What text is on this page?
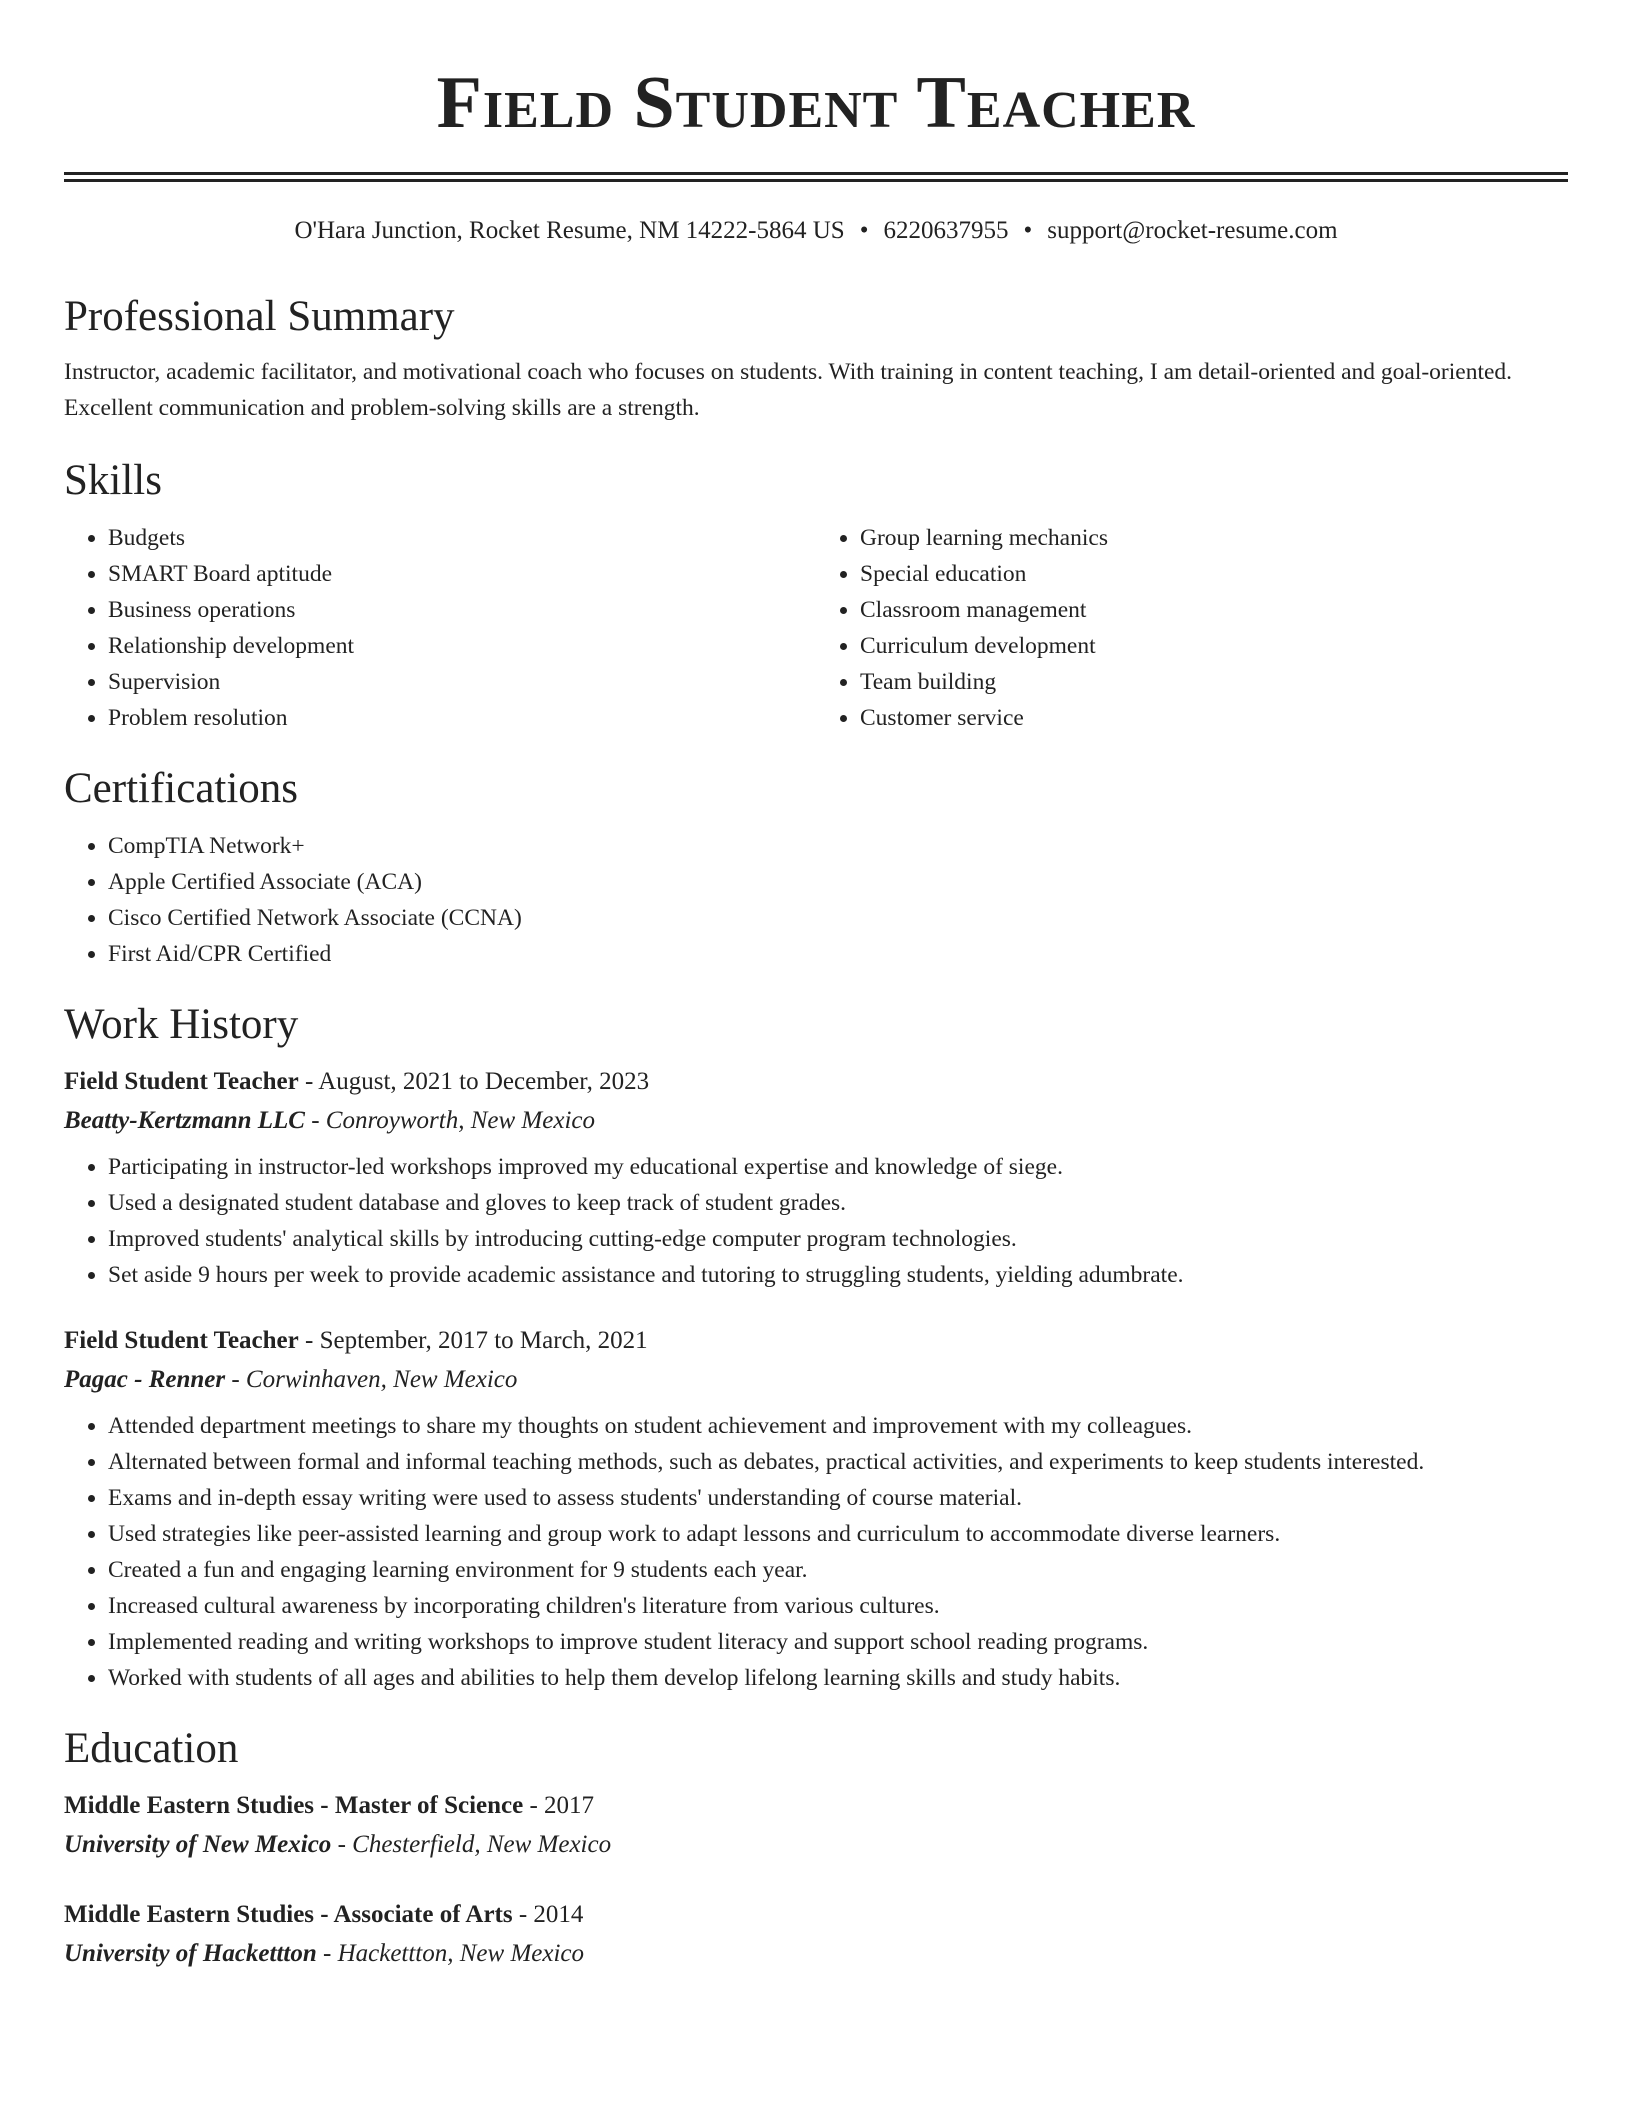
Field Student Teacher
O'Hara Junction, Rocket Resume, NM 14222-5864 US • 6220637955 • support@rocket-resume.com
Professional Summary

Instructor, academic facilitator, and motivational coach who focuses on students. With training in content teaching, I am detail-oriented and goal-oriented. Excellent communication and problem-solving skills are a strength.

Skills
• Budgets
• SMART Board aptitude
• Business operations
• Relationship development
• Supervision
• Problem resolution
• Group learning mechanics
• Special education
• Classroom management
• Curriculum development
• Team building
• Customer service
Certifications
• CompTIA Network+
• Apple Certified Associate (ACA)
• Cisco Certified Network Associate (CCNA)
• First Aid/CPR Certified
Work History
Field Student Teacher - August, 2021 to December, 2023
Beatty-Kertzmann LLC - Conroyworth, New Mexico
• Participating in instructor-led workshops improved my educational expertise and knowledge of siege.
• Used a designated student database and gloves to keep track of student grades.
• Improved students' analytical skills by introducing cutting-edge computer program technologies.
• Set aside 9 hours per week to provide academic assistance and tutoring to struggling students, yielding adumbrate.
Field Student Teacher - September, 2017 to March, 2021
Pagac - Renner - Corwinhaven, New Mexico
• Attended department meetings to share my thoughts on student achievement and improvement with my colleagues.
• Alternated between formal and informal teaching methods, such as debates, practical activities, and experiments to keep students interested.
• Exams and in-depth essay writing were used to assess students' understanding of course material.
• Used strategies like peer-assisted learning and group work to adapt lessons and curriculum to accommodate diverse learners.
• Created a fun and engaging learning environment for 9 students each year.
• Increased cultural awareness by incorporating children's literature from various cultures.
• Implemented reading and writing workshops to improve student literacy and support school reading programs.
• Worked with students of all ages and abilities to help them develop lifelong learning skills and study habits.
Education
Middle Eastern Studies - Master of Science - 2017
University of New Mexico - Chesterfield, New Mexico
Middle Eastern Studies - Associate of Arts - 2014
University of Hackettton - Hackettton, New Mexico
